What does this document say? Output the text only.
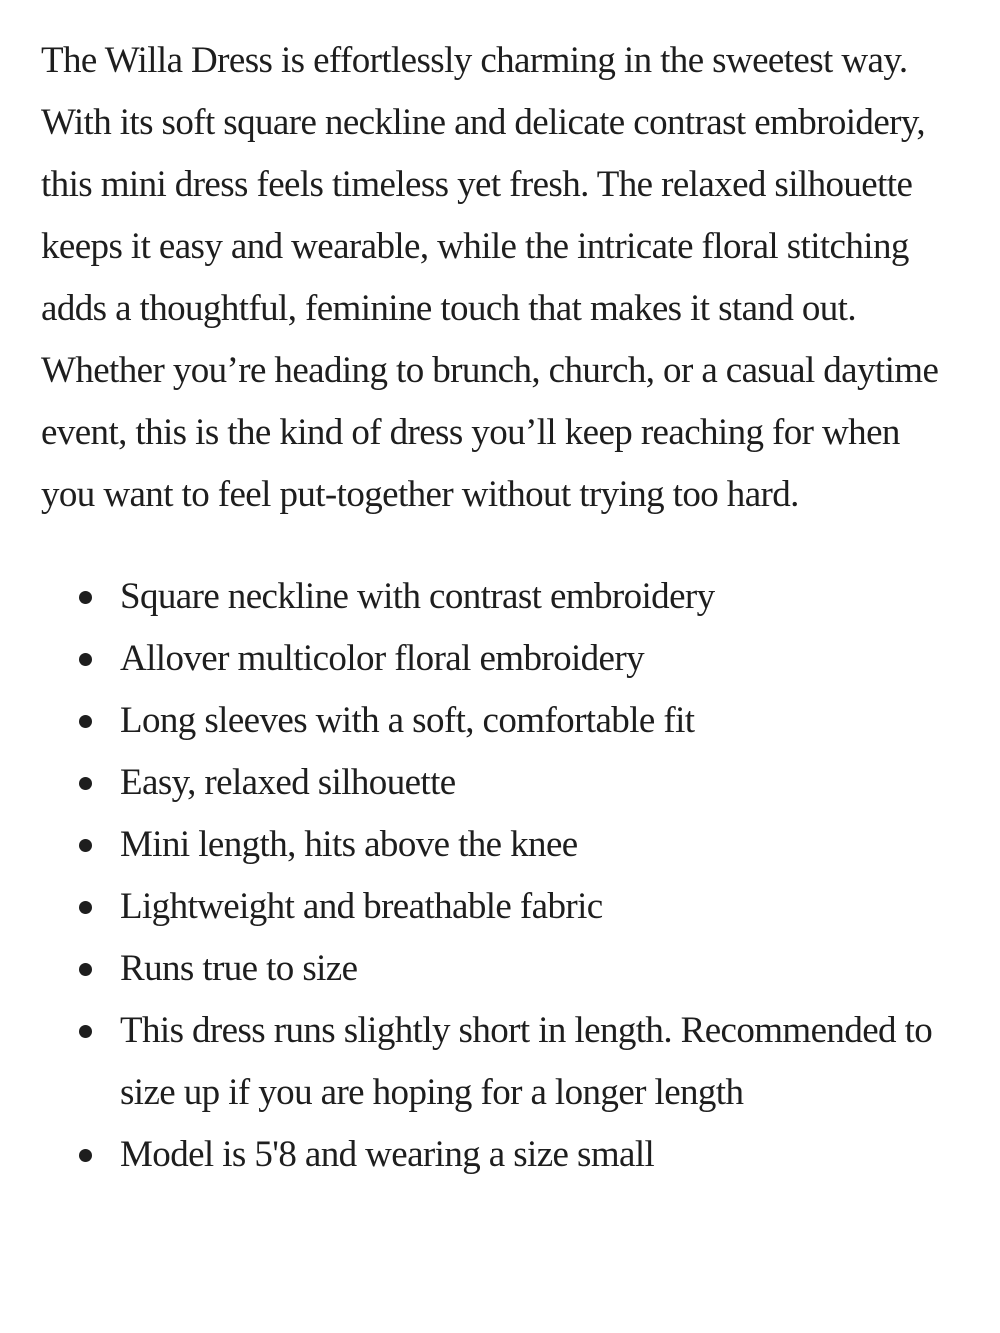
The Willa Dress is effortlessly charming in the sweetest way. With its soft square neckline and delicate contrast embroidery, this mini dress feels timeless yet fresh. The relaxed silhouette keeps it easy and wearable, while the intricate floral stitching adds a thoughtful, feminine touch that makes it stand out. Whether you’re heading to brunch, church, or a casual daytime event, this is the kind of dress you’ll keep reaching for when you want to feel put-together without trying too hard.

Square neckline with contrast embroidery
Allover multicolor floral embroidery
Long sleeves with a soft, comfortable fit
Easy, relaxed silhouette
Mini length, hits above the knee
Lightweight and breathable fabric
Runs true to size
This dress runs slightly short in length. Recommended to size up if you are hoping for a longer length
Model is 5'8 and wearing a size small
